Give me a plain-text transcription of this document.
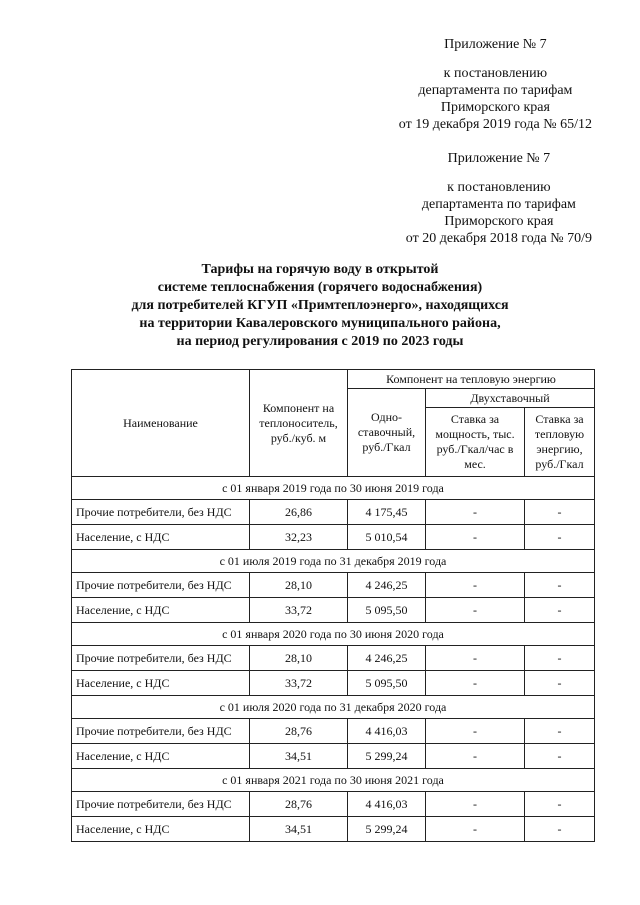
Приложение № 7
к постановлению
департамента по тарифам
Приморского края
от 19 декабря 2019 года № 65/12
Приложение № 7
к постановлению
департамента по тарифам
Приморского края
от 20 декабря 2018 года № 70/9
Тарифы на горячую воду в открытой
системе теплоснабжения (горячего водоснабжения)
для потребителей КГУП «Примтеплоэнерго», находящихся
на территории Кавалеровского муниципального района,
на период регулирования с 2019 по 2023 годы
Наименование	Компонент на теплоноситель, руб./куб. м	Компонент на тепловую энергию		
		Одно-ставочный, руб./Гкал	Двухставочный	
			Ставка за мощность, тыс. руб./Гкал/час в мес.	Ставка за тепловую энергию, руб./Гкал
с 01 января 2019 года по 30 июня 2019 года				
Прочие потребители, без НДС	26,86	4 175,45	-	-
Население, с НДС	32,23	5 010,54	-	-
с 01 июля 2019 года по 31 декабря 2019 года				
Прочие потребители, без НДС	28,10	4 246,25	-	-
Население, с НДС	33,72	5 095,50	-	-
с 01 января 2020 года по 30 июня 2020 года				
Прочие потребители, без НДС	28,10	4 246,25	-	-
Население, с НДС	33,72	5 095,50	-	-
с 01 июля 2020 года по 31 декабря 2020 года				
Прочие потребители, без НДС	28,76	4 416,03	-	-
Население, с НДС	34,51	5 299,24	-	-
с 01 января 2021 года по 30 июня 2021 года				
Прочие потребители, без НДС	28,76	4 416,03	-	-
Население, с НДС	34,51	5 299,24	-	-
